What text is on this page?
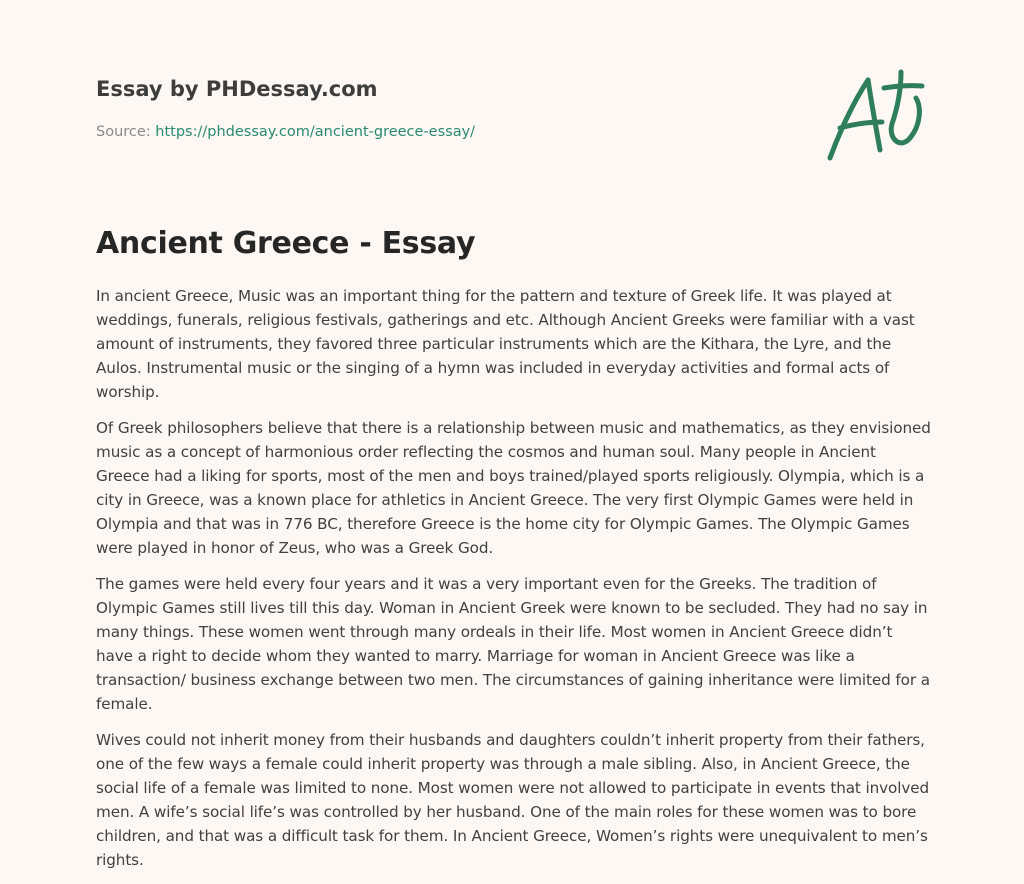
Essay by PHDessay.com
Source: https://phdessay.com/ancient-greece-essay/
Ancient Greece - Essay

In ancient Greece, Music was an important thing for the pattern and texture of Greek life. It was played at weddings, funerals, religious festivals, gatherings and etc. Although Ancient Greeks were familiar with a vast amount of instruments, they favored three particular instruments which are the Kithara, the Lyre, and the Aulos. Instrumental music or the singing of a hymn was included in everyday activities and formal acts of worship.

Of Greek philosophers believe that there is a relationship between music and mathematics, as they envisioned music as a concept of harmonious order reflecting the cosmos and human soul. Many people in Ancient Greece had a liking for sports, most of the men and boys trained/played sports religiously. Olympia, which is a city in Greece, was a known place for athletics in Ancient Greece. The very first Olympic Games were held in Olympia and that was in 776 BC, therefore Greece is the home city for Olympic Games. The Olympic Games were played in honor of Zeus, who was a Greek God.

The games were held every four years and it was a very important even for the Greeks. The tradition of Olympic Games still lives till this day. Woman in Ancient Greek were known to be secluded. They had no say in many things. These women went through many ordeals in their life. Most women in Ancient Greece didn’t have a right to decide whom they wanted to marry. Marriage for woman in Ancient Greece was like a transaction/ business exchange between two men. The circumstances of gaining inheritance were limited for a female.

Wives could not inherit money from their husbands and daughters couldn’t inherit property from their fathers, one of the few ways a female could inherit property was through a male sibling. Also, in Ancient Greece, the social life of a female was limited to none. Most women were not allowed to participate in events that involved men. A wife’s social life’s was controlled by her husband. One of the main roles for these women was to bore children, and that was a difficult task for them. In Ancient Greece, Women’s rights were unequivalent to men’s rights.
